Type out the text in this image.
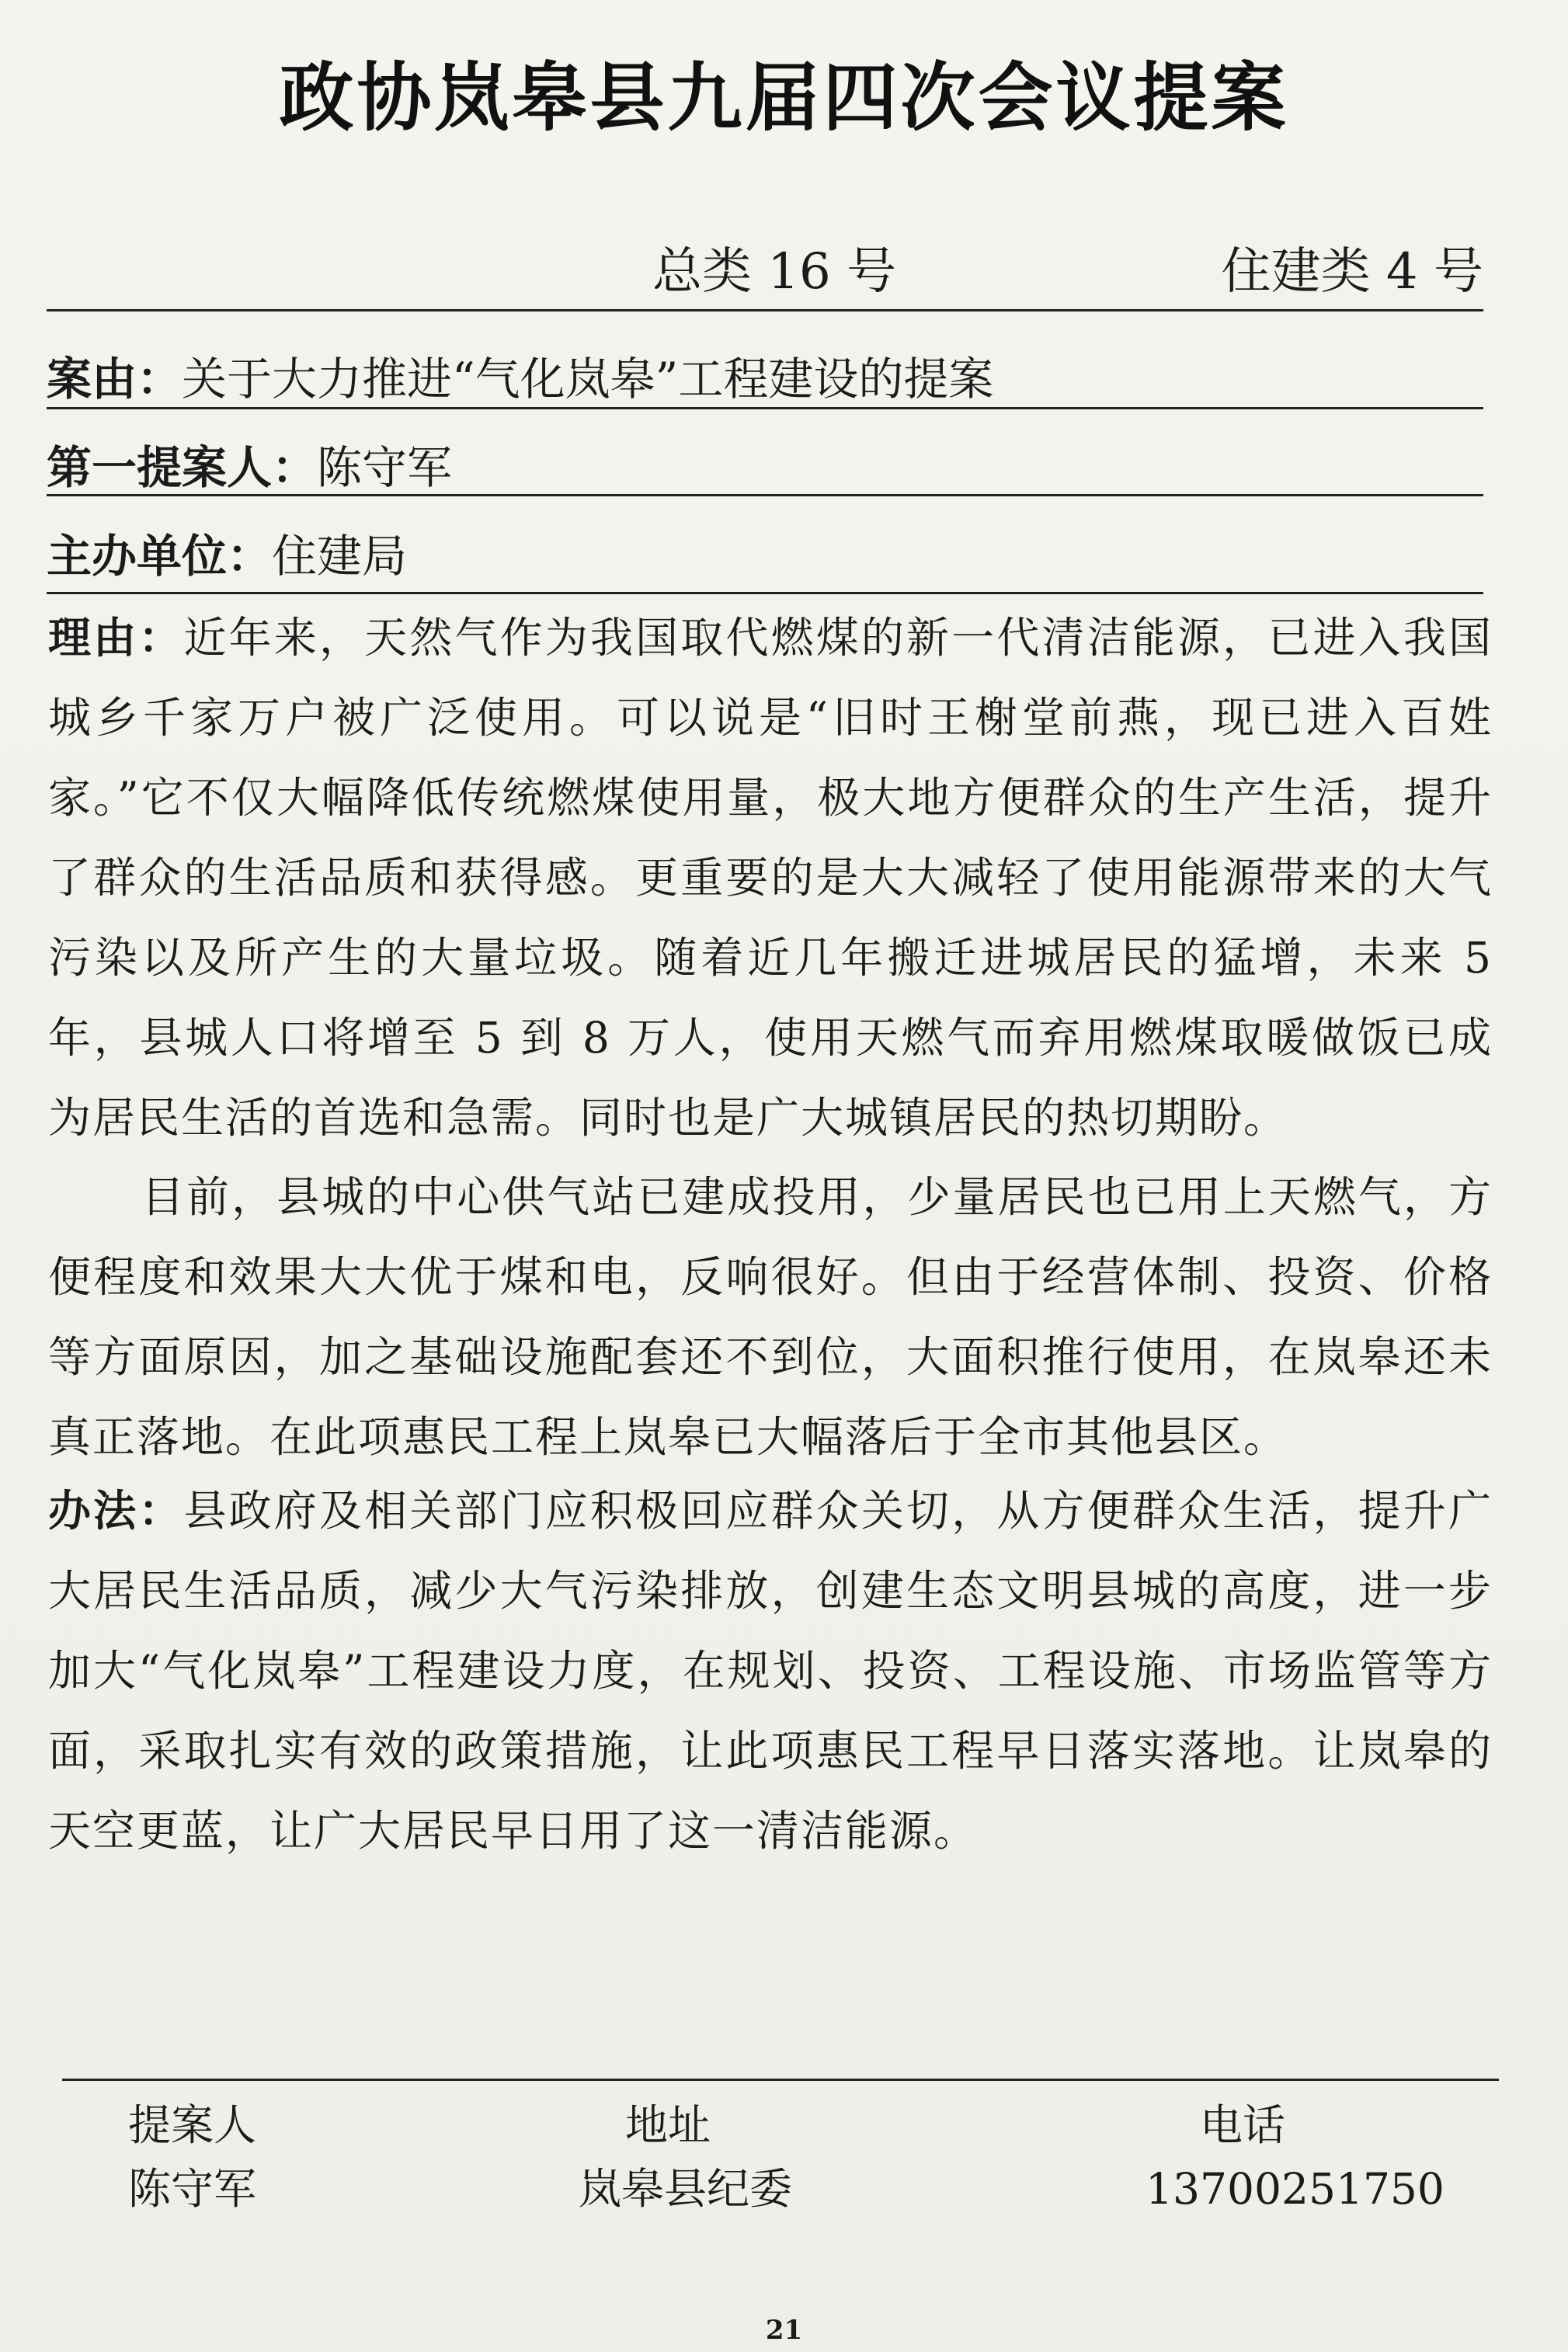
政协岚皋县九届四次会议提案
总类 16 号	住建类 4 号
案由：关于大力推进“气化岚皋”工程建设的提案
第一提案人：陈守军
主办单位：住建局
理由：近年来，天然气作为我国取代燃煤的新一代清洁能源，已进入我国城乡千家万户被广泛使用。可以说是“旧时王榭堂前燕，现已进入百姓家。”它不仅大幅降低传统燃煤使用量，极大地方便群众的生产生活，提升了群众的生活品质和获得感。更重要的是大大减轻了使用能源带来的大气污染以及所产生的大量垃圾。随着近几年搬迁进城居民的猛增，未来 5 年，县城人口将增至 5 到 8 万人，使用天燃气而弃用燃煤取暖做饭已成为居民生活的首选和急需。同时也是广大城镇居民的热切期盼。
目前，县城的中心供气站已建成投用，少量居民也已用上天燃气，方便程度和效果大大优于煤和电，反响很好。但由于经营体制、投资、价格等方面原因，加之基础设施配套还不到位，大面积推行使用，在岚皋还未真正落地。在此项惠民工程上岚皋已大幅落后于全市其他县区。
办法：县政府及相关部门应积极回应群众关切，从方便群众生活，提升广大居民生活品质，减少大气污染排放，创建生态文明县城的高度，进一步加大“气化岚皋”工程建设力度，在规划、投资、工程设施、市场监管等方面，采取扎实有效的政策措施，让此项惠民工程早日落实落地。让岚皋的天空更蓝，让广大居民早日用了这一清洁能源。
提案人
陈守军
地址
岚皋县纪委
电话
13700251750
21
